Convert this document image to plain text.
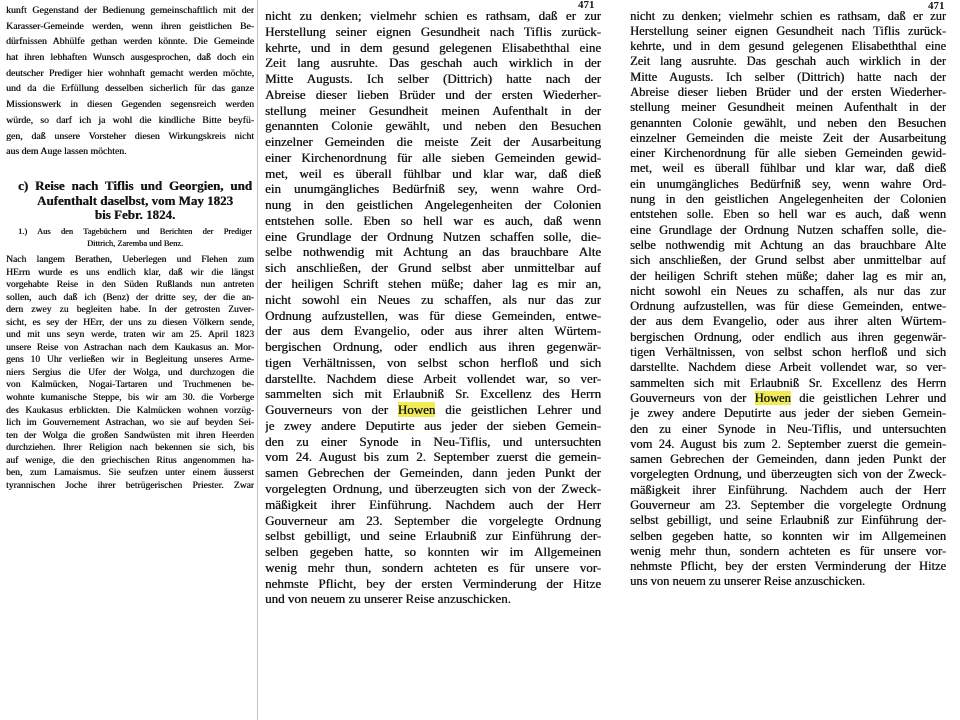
kunft Gegenstand der Bedienung gemeinschaftlich mit der
Karasser-Gemeinde werden, wenn ihren geistlichen Be-
dürfnissen Abhülfe gethan werden könnte. Die Gemeinde
hat ihren lebhaften Wunsch ausgesprochen, daß doch ein
deutscher Prediger hier wohnhaft gemacht werden möchte,
und da die Erfüllung desselben sicherlich für das ganze
Missionswerk in diesen Gegenden segensreich werden
würde, so darf ich ja wohl die kindliche Bitte beyfü-
gen, daß unsere Vorsteher diesen Wirkungskreis nicht
aus dem Auge lassen möchten.
c) Reise nach Tiflis und Georgien, und
Aufenthalt daselbst, vom May 1823
bis Febr. 1824.
1.) Aus den Tagebüchern und Berichten der Prediger
Dittrich, Zaremba und Benz.
Nach langem Berathen, Ueberlegen und Flehen zum
HErrn wurde es uns endlich klar, daß wir die längst
vorgehabte Reise in den Süden Rußlands nun antreten
sollen, auch daß ich (Benz) der dritte sey, der die an-
dern zwey zu begleiten habe. In der getrosten Zuver-
sicht, es sey der HErr, der uns zu diesen Völkern sende,
und mit uns seyn werde, traten wir am 25. April 1823
unsere Reise von Astrachan nach dem Kaukasus an. Mor-
gens 10 Uhr verließen wir in Begleitung unseres Arme-
niers Sergius die Ufer der Wolga, und durchzogen die
von Kalmücken, Nogai-Tartaren und Truchmenen be-
wohnte kumanische Steppe, bis wir am 30. die Vorberge
des Kaukasus erblickten. Die Kalmücken wohnen vorzüg-
lich im Gouvernement Astrachan, wo sie auf beyden Sei-
ten der Wolga die großen Sandwüsten mit ihren Heerden
durchziehen. Ihrer Religion nach bekennen sie sich, bis
auf wenige, die den griechischen Ritus angenommen ha-
ben, zum Lamaismus. Sie seufzen unter einem äusserst
tyrannischen Joche ihrer betrügerischen Priester. Zwar
471
nicht zu denken; vielmehr schien es rathsam, daß er zur
Herstellung seiner eignen Gesundheit nach Tiflis zurück-
kehrte, und in dem gesund gelegenen Elisabeththal eine
Zeit lang ausruhte. Das geschah auch wirklich in der
Mitte Augusts. Ich selber (Dittrich) hatte nach der
Abreise dieser lieben Brüder und der ersten Wiederher-
stellung meiner Gesundheit meinen Aufenthalt in der
genannten Colonie gewählt, und neben den Besuchen
einzelner Gemeinden die meiste Zeit der Ausarbeitung
einer Kirchenordnung für alle sieben Gemeinden gewid-
met, weil es überall fühlbar und klar war, daß dieß
ein unumgängliches Bedürfniß sey, wenn wahre Ord-
nung in den geistlichen Angelegenheiten der Colonien
entstehen solle. Eben so hell war es auch, daß wenn
eine Grundlage der Ordnung Nutzen schaffen solle, die-
selbe nothwendig mit Achtung an das brauchbare Alte
sich anschließen, der Grund selbst aber unmittelbar auf
der heiligen Schrift stehen müße; daher lag es mir an,
nicht sowohl ein Neues zu schaffen, als nur das zur
Ordnung aufzustellen, was für diese Gemeinden, entwe-
der aus dem Evangelio, oder aus ihrer alten Würtem-
bergischen Ordnung, oder endlich aus ihren gegenwär-
tigen Verhältnissen, von selbst schon herfloß und sich
darstellte. Nachdem diese Arbeit vollendet war, so ver-
sammelten sich mit Erlaubniß Sr. Excellenz des Herrn
Gouverneurs von der Howen die geistlichen Lehrer und
je zwey andere Deputirte aus jeder der sieben Gemein-
den zu einer Synode in Neu-Tiflis, und untersuchten
vom 24. August bis zum 2. September zuerst die gemein-
samen Gebrechen der Gemeinden, dann jeden Punkt der
vorgelegten Ordnung, und überzeugten sich von der Zweck-
mäßigkeit ihrer Einführung. Nachdem auch der Herr
Gouverneur am 23. September die vorgelegte Ordnung
selbst gebilligt, und seine Erlaubniß zur Einführung der-
selben gegeben hatte, so konnten wir im Allgemeinen
wenig mehr thun, sondern achteten es für unsere vor-
nehmste Pflicht, bey der ersten Verminderung der Hitze
und von neuem zu unserer Reise anzuschicken.
471
nicht zu denken; vielmehr schien es rathsam, daß er zur
Herstellung seiner eignen Gesundheit nach Tiflis zurück-
kehrte, und in dem gesund gelegenen Elisabeththal eine
Zeit lang ausruhte. Das geschah auch wirklich in der
Mitte Augusts. Ich selber (Dittrich) hatte nach der
Abreise dieser lieben Brüder und der ersten Wiederher-
stellung meiner Gesundheit meinen Aufenthalt in der
genannten Colonie gewählt, und neben den Besuchen
einzelner Gemeinden die meiste Zeit der Ausarbeitung
einer Kirchenordnung für alle sieben Gemeinden gewid-
met, weil es überall fühlbar und klar war, daß dieß
ein unumgängliches Bedürfniß sey, wenn wahre Ord-
nung in den geistlichen Angelegenheiten der Colonien
entstehen solle. Eben so hell war es auch, daß wenn
eine Grundlage der Ordnung Nutzen schaffen solle, die-
selbe nothwendig mit Achtung an das brauchbare Alte
sich anschließen, der Grund selbst aber unmittelbar auf
der heiligen Schrift stehen müße; daher lag es mir an,
nicht sowohl ein Neues zu schaffen, als nur das zur
Ordnung aufzustellen, was für diese Gemeinden, entwe-
der aus dem Evangelio, oder aus ihrer alten Würtem-
bergischen Ordnung, oder endlich aus ihren gegenwär-
tigen Verhältnissen, von selbst schon herfloß und sich
darstellte. Nachdem diese Arbeit vollendet war, so ver-
sammelten sich mit Erlaubniß Sr. Excellenz des Herrn
Gouverneurs von der Howen die geistlichen Lehrer und
je zwey andere Deputirte aus jeder der sieben Gemein-
den zu einer Synode in Neu-Tiflis, und untersuchten
vom 24. August bis zum 2. September zuerst die gemein-
samen Gebrechen der Gemeinden, dann jeden Punkt der
vorgelegten Ordnung, und überzeugten sich von der Zweck-
mäßigkeit ihrer Einführung. Nachdem auch der Herr
Gouverneur am 23. September die vorgelegte Ordnung
selbst gebilligt, und seine Erlaubniß zur Einführung der-
selben gegeben hatte, so konnten wir im Allgemeinen
wenig mehr thun, sondern achteten es für unsere vor-
nehmste Pflicht, bey der ersten Verminderung der Hitze
uns von neuem zu unserer Reise anzuschicken.
